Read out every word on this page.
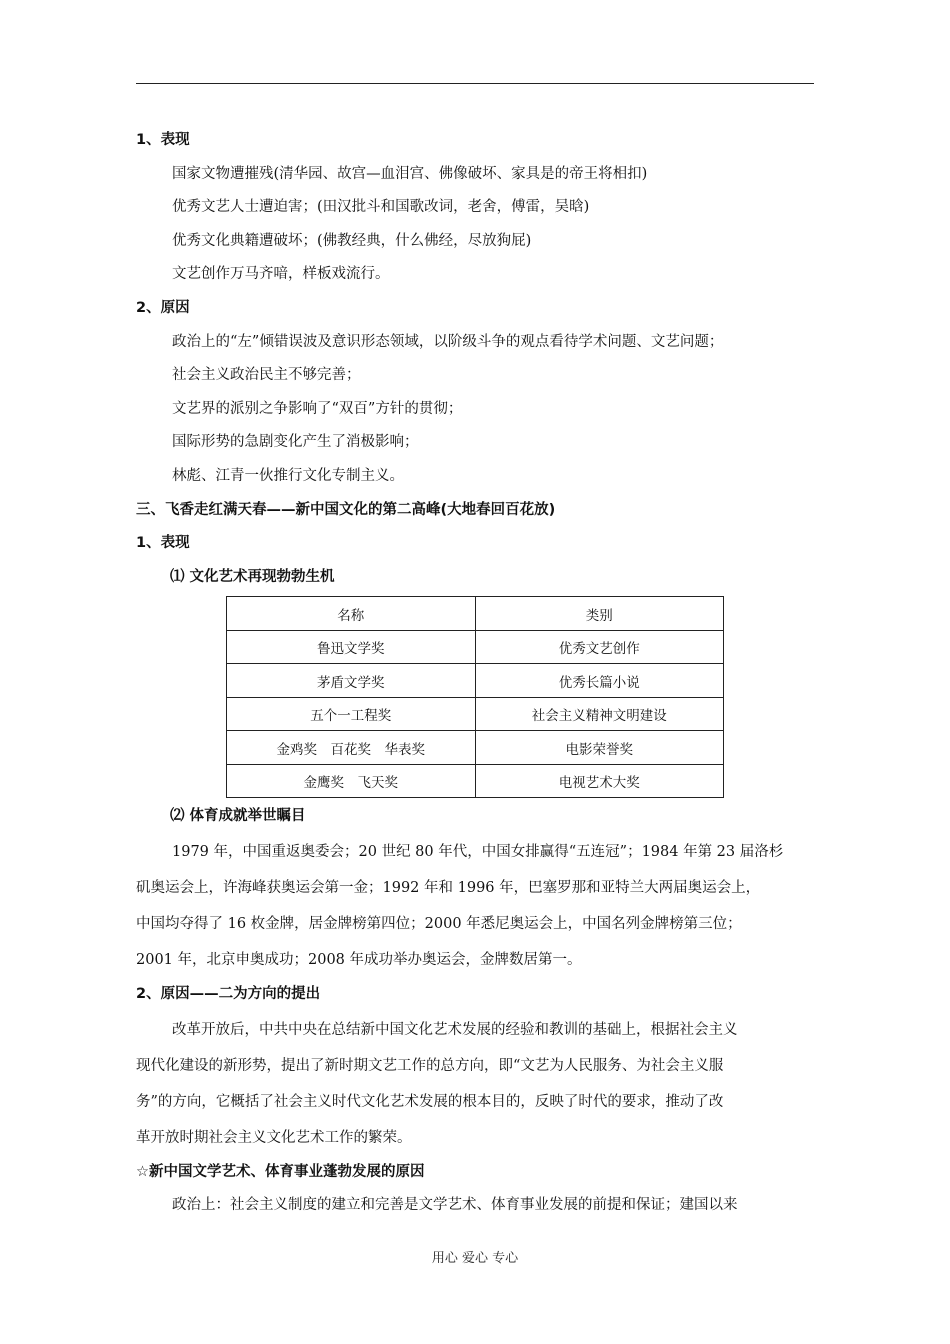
1、表现
国家文物遭摧残(清华园、故宫—血泪宫、佛像破坏、家具是的帝王将相扣)
优秀文艺人士遭迫害；(田汉批斗和国歌改词，老舍，傅雷，吴晗)
优秀文化典籍遭破坏；(佛教经典，什么佛经，尽放狗屁)
文艺创作万马齐喑，样板戏流行。
2、原因
政治上的“左”倾错误波及意识形态领域，以阶级斗争的观点看待学术问题、文艺问题；
社会主义政治民主不够完善；
文艺界的派别之争影响了“双百”方针的贯彻；
国际形势的急剧变化产生了消极影响；
林彪、江青一伙推行文化专制主义。
三、飞香走红满天春——新中国文化的第二高峰(大地春回百花放)
1、表现
⑴ 文化艺术再现勃勃生机
名称	类别
鲁迅文学奖	优秀文艺创作
茅盾文学奖	优秀长篇小说
五个一工程奖	社会主义精神文明建设
金鸡奖　百花奖　华表奖	电影荣誉奖
金鹰奖　飞天奖	电视艺术大奖
⑵ 体育成就举世瞩目
1979 年，中国重返奥委会；20 世纪 80 年代，中国女排赢得“五连冠”；1984 年第 23 届洛杉
矶奥运会上，许海峰获奥运会第一金；1992 年和 1996 年，巴塞罗那和亚特兰大两届奥运会上，
中国均夺得了 16 枚金牌，居金牌榜第四位；2000 年悉尼奥运会上，中国名列金牌榜第三位；
2001 年，北京申奥成功；2008 年成功举办奥运会，金牌数居第一。
2、原因——二为方向的提出
改革开放后，中共中央在总结新中国文化艺术发展的经验和教训的基础上，根据社会主义
现代化建设的新形势，提出了新时期文艺工作的总方向，即“文艺为人民服务、为社会主义服
务”的方向，它概括了社会主义时代文化艺术发展的根本目的，反映了时代的要求，推动了改
革开放时期社会主义文化艺术工作的繁荣。
☆新中国文学艺术、体育事业蓬勃发展的原因
政治上：社会主义制度的建立和完善是文学艺术、体育事业发展的前提和保证；建国以来
用心 爱心 专心
